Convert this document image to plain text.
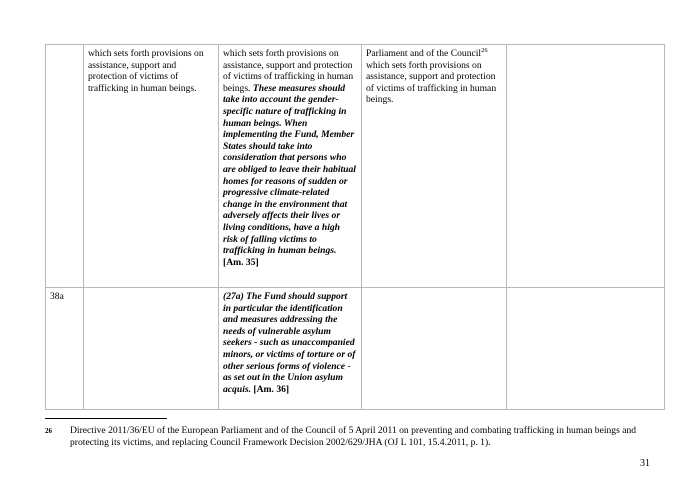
	which sets forth provisions on assistance, support and protection of victims of trafficking in human beings.	which sets forth provisions on assistance, support and protection of victims of trafficking in human beings. These measures should take into account the gender-specific nature of trafficking in human beings. When implementing the Fund, Member States should take into consideration that persons who are obliged to leave their habitual homes for reasons of sudden or progressive climate-related change in the environment that adversely affects their lives or living conditions, have a high risk of falling victims to trafficking in human beings. [Am. 35]	Parliament and of the Council$^{26}$ which sets forth provisions on assistance, support and protection of victims of trafficking in human beings.	
38a		(27a) The Fund should support in particular the identification and measures addressing the needs of vulnerable asylum seekers - such as unaccompanied minors, or victims of torture or of other serious forms of violence - as set out in the Union asylum acquis. [Am. 36]		
26 Directive 2011/36/EU of the European Parliament and of the Council of 5 April 2011 on preventing and combating trafficking in human beings and protecting its victims, and replacing Council Framework Decision 2002/629/JHA (OJ L 101, 15.4.2011, p. 1).
31
